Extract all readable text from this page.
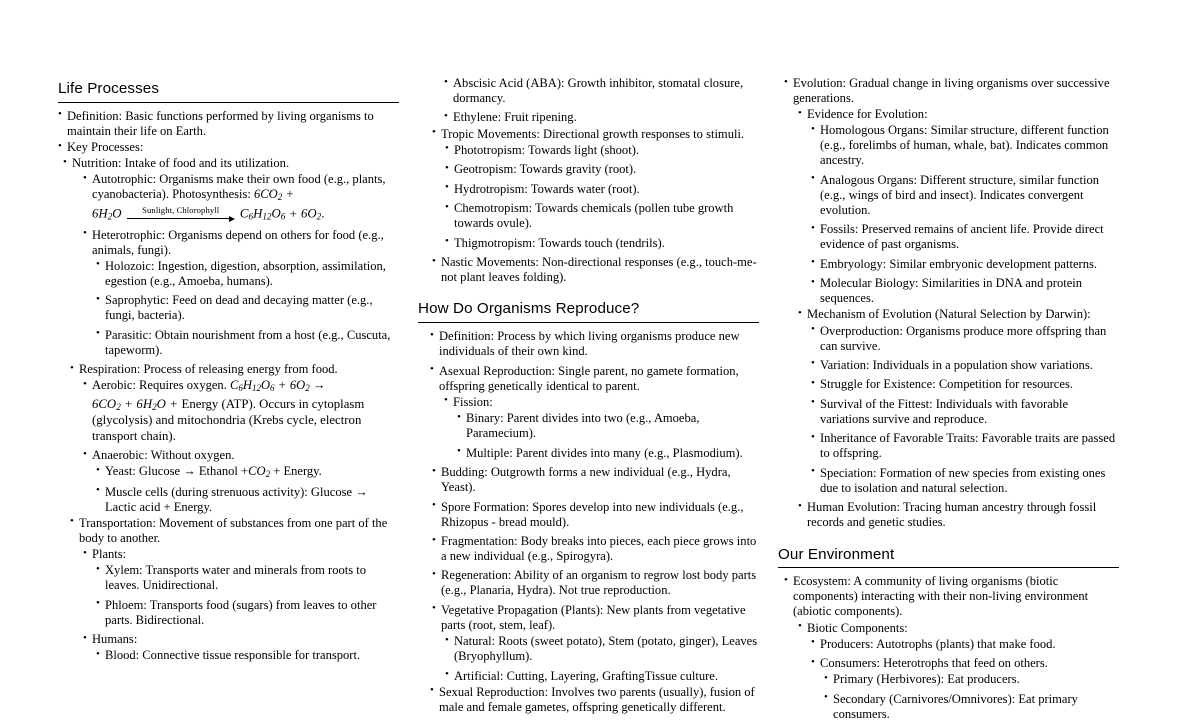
Life Processes
• Definition: Basic functions performed by living organisms to maintain their life on Earth.
• Key Processes:
• Nutrition: Intake of food and its utilization.
• Autotrophic: Organisms make their own food (e.g., plants, cyanobacteria). Photosynthesis: $6CO_2$ +
$6H_2O$	Sunlight, Chlorophyll	$C_6H_{12}O_6 + 6O_2$.
• Heterotrophic: Organisms depend on others for food (e.g., animals, fungi).
• Holozoic: Ingestion, digestion, absorption, assimilation, egestion (e.g., Amoeba, humans).
• Saprophytic: Feed on dead and decaying matter (e.g., fungi, bacteria).
• Parasitic: Obtain nourishment from a host (e.g., Cuscuta, tapeworm).
• Respiration: Process of releasing energy from food.
• Aerobic: Requires oxygen. $C_6H_{12}O_6 + 6O_2$ →
$6CO_2 + 6H_2O$ + Energy (ATP). Occurs in cytoplasm (glycolysis) and mitochondria (Krebs cycle, electron transport chain).
• Anaerobic: Without oxygen.
• Yeast: Glucose → Ethanol $+CO_2$ + Energy.
• Muscle cells (during strenuous activity): Glucose → Lactic acid + Energy.
• Transportation: Movement of substances from one part of the body to another.
• Plants:
• Xylem: Transports water and minerals from roots to leaves. Unidirectional.
• Phloem: Transports food (sugars) from leaves to other parts. Bidirectional.
• Humans:
• Blood: Connective tissue responsible for transport.
• Abscisic Acid (ABA): Growth inhibitor, stomatal closure, dormancy.
• Ethylene: Fruit ripening.
• Tropic Movements: Directional growth responses to stimuli.
• Phototropism: Towards light (shoot).
• Geotropism: Towards gravity (root).
• Hydrotropism: Towards water (root).
• Chemotropism: Towards chemicals (pollen tube growth towards ovule).
• Thigmotropism: Towards touch (tendrils).
• Nastic Movements: Non-directional responses (e.g., touch-me-not plant leaves folding).
How Do Organisms Reproduce?
• Definition: Process by which living organisms produce new individuals of their own kind.
• Asexual Reproduction: Single parent, no gamete formation, offspring genetically identical to parent.
• Fission:
• Binary: Parent divides into two (e.g., Amoeba, Paramecium).
• Multiple: Parent divides into many (e.g., Plasmodium).
• Budding: Outgrowth forms a new individual (e.g., Hydra, Yeast).
• Spore Formation: Spores develop into new individuals (e.g., Rhizopus - bread mould).
• Fragmentation: Body breaks into pieces, each piece grows into a new individual (e.g., Spirogyra).
• Regeneration: Ability of an organism to regrow lost body parts (e.g., Planaria, Hydra). Not true reproduction.
• Vegetative Propagation (Plants): New plants from vegetative parts (root, stem, leaf).
• Natural: Roots (sweet potato), Stem (potato, ginger), Leaves (Bryophyllum).
• Artificial: Cutting, Layering, GraftingTissue culture.
• Sexual Reproduction: Involves two parents (usually), fusion of male and female gametes, offspring genetically different.
• Evolution: Gradual change in living organisms over successive generations.
• Evidence for Evolution:
• Homologous Organs: Similar structure, different function (e.g., forelimbs of human, whale, bat). Indicates common ancestry.
• Analogous Organs: Different structure, similar function (e.g., wings of bird and insect). Indicates convergent evolution.
• Fossils: Preserved remains of ancient life. Provide direct evidence of past organisms.
• Embryology: Similar embryonic development patterns.
• Molecular Biology: Similarities in DNA and protein sequences.
• Mechanism of Evolution (Natural Selection by Darwin):
• Overproduction: Organisms produce more offspring than can survive.
• Variation: Individuals in a population show variations.
• Struggle for Existence: Competition for resources.
• Survival of the Fittest: Individuals with favorable variations survive and reproduce.
• Inheritance of Favorable Traits: Favorable traits are passed to offspring.
• Speciation: Formation of new species from existing ones due to isolation and natural selection.
• Human Evolution: Tracing human ancestry through fossil records and genetic studies.
Our Environment
• Ecosystem: A community of living organisms (biotic components) interacting with their non-living environment (abiotic components).
• Biotic Components:
• Producers: Autotrophs (plants) that make food.
• Consumers: Heterotrophs that feed on others.
• Primary (Herbivores): Eat producers.
• Secondary (Carnivores/Omnivores): Eat primary consumers.
